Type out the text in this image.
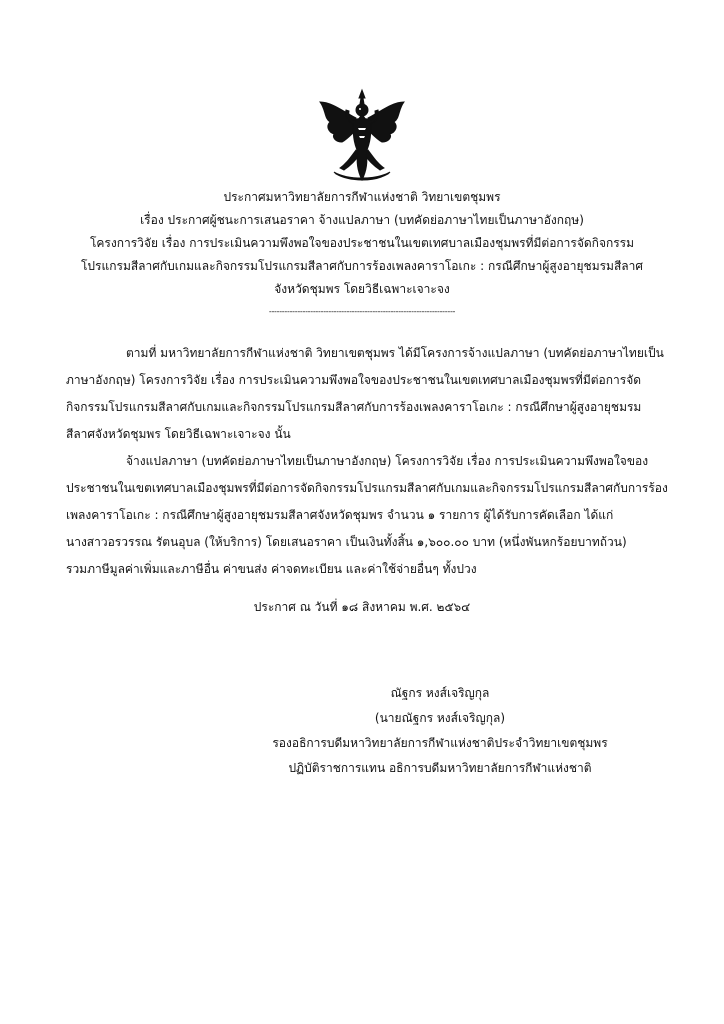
ประกาศมหาวิทยาลัยการกีฬาแห่งชาติ วิทยาเขตชุมพร
เรื่อง ประกาศผู้ชนะการเสนอราคา จ้างแปลภาษา (บทคัดย่อภาษาไทยเป็นภาษาอังกฤษ)
โครงการวิจัย เรื่อง การประเมินความพึงพอใจของประชาชนในเขตเทศบาลเมืองชุมพรที่มีต่อการจัดกิจกรรม
โปรแกรมสีลาศกับเกมและกิจกรรมโปรแกรมสีลาศกับการร้องเพลงคาราโอเกะ : กรณีศึกษาผู้สูงอายุชมรมสีลาศ
จังหวัดชุมพร โดยวิธีเฉพาะเจาะจง
------------------------------------------------------------------------
ตามที่ มหาวิทยาลัยการกีฬาแห่งชาติ วิทยาเขตชุมพร ได้มีโครงการจ้างแปลภาษา (บทคัดย่อภาษาไทยเป็น
ภาษาอังกฤษ) โครงการวิจัย เรื่อง การประเมินความพึงพอใจของประชาชนในเขตเทศบาลเมืองชุมพรที่มีต่อการจัด
กิจกรรมโปรแกรมสีลาศกับเกมและกิจกรรมโปรแกรมสีลาศกับการร้องเพลงคาราโอเกะ : กรณีศึกษาผู้สูงอายุชมรม
สีลาศจังหวัดชุมพร โดยวิธีเฉพาะเจาะจง นั้น
จ้างแปลภาษา (บทคัดย่อภาษาไทยเป็นภาษาอังกฤษ) โครงการวิจัย เรื่อง การประเมินความพึงพอใจของ
ประชาชนในเขตเทศบาลเมืองชุมพรที่มีต่อการจัดกิจกรรมโปรแกรมสีลาศกับเกมและกิจกรรมโปรแกรมสีลาศกับการร้อง
เพลงคาราโอเกะ : กรณีศึกษาผู้สูงอายุชมรมสีลาศจังหวัดชุมพร จำนวน ๑ รายการ ผู้ได้รับการคัดเลือก ได้แก่
นางสาวอรวรรณ รัตนอุบล (ให้บริการ) โดยเสนอราคา เป็นเงินทั้งสิ้น ๑,๖๐๐.๐๐ บาท (หนึ่งพันหกร้อยบาทถ้วน)
รวมภาษีมูลค่าเพิ่มและภาษีอื่น ค่าขนส่ง ค่าจดทะเบียน และค่าใช้จ่ายอื่นๆ ทั้งปวง
ประกาศ ณ วันที่ ๑๘ สิงหาคม พ.ศ. ๒๕๖๔
ณัฐกร หงส์เจริญกุล
(นายณัฐกร หงส์เจริญกุล)
รองอธิการบดีมหาวิทยาลัยการกีฬาแห่งชาติประจำวิทยาเขตชุมพร
ปฏิบัติราชการแทน อธิการบดีมหาวิทยาลัยการกีฬาแห่งชาติ
